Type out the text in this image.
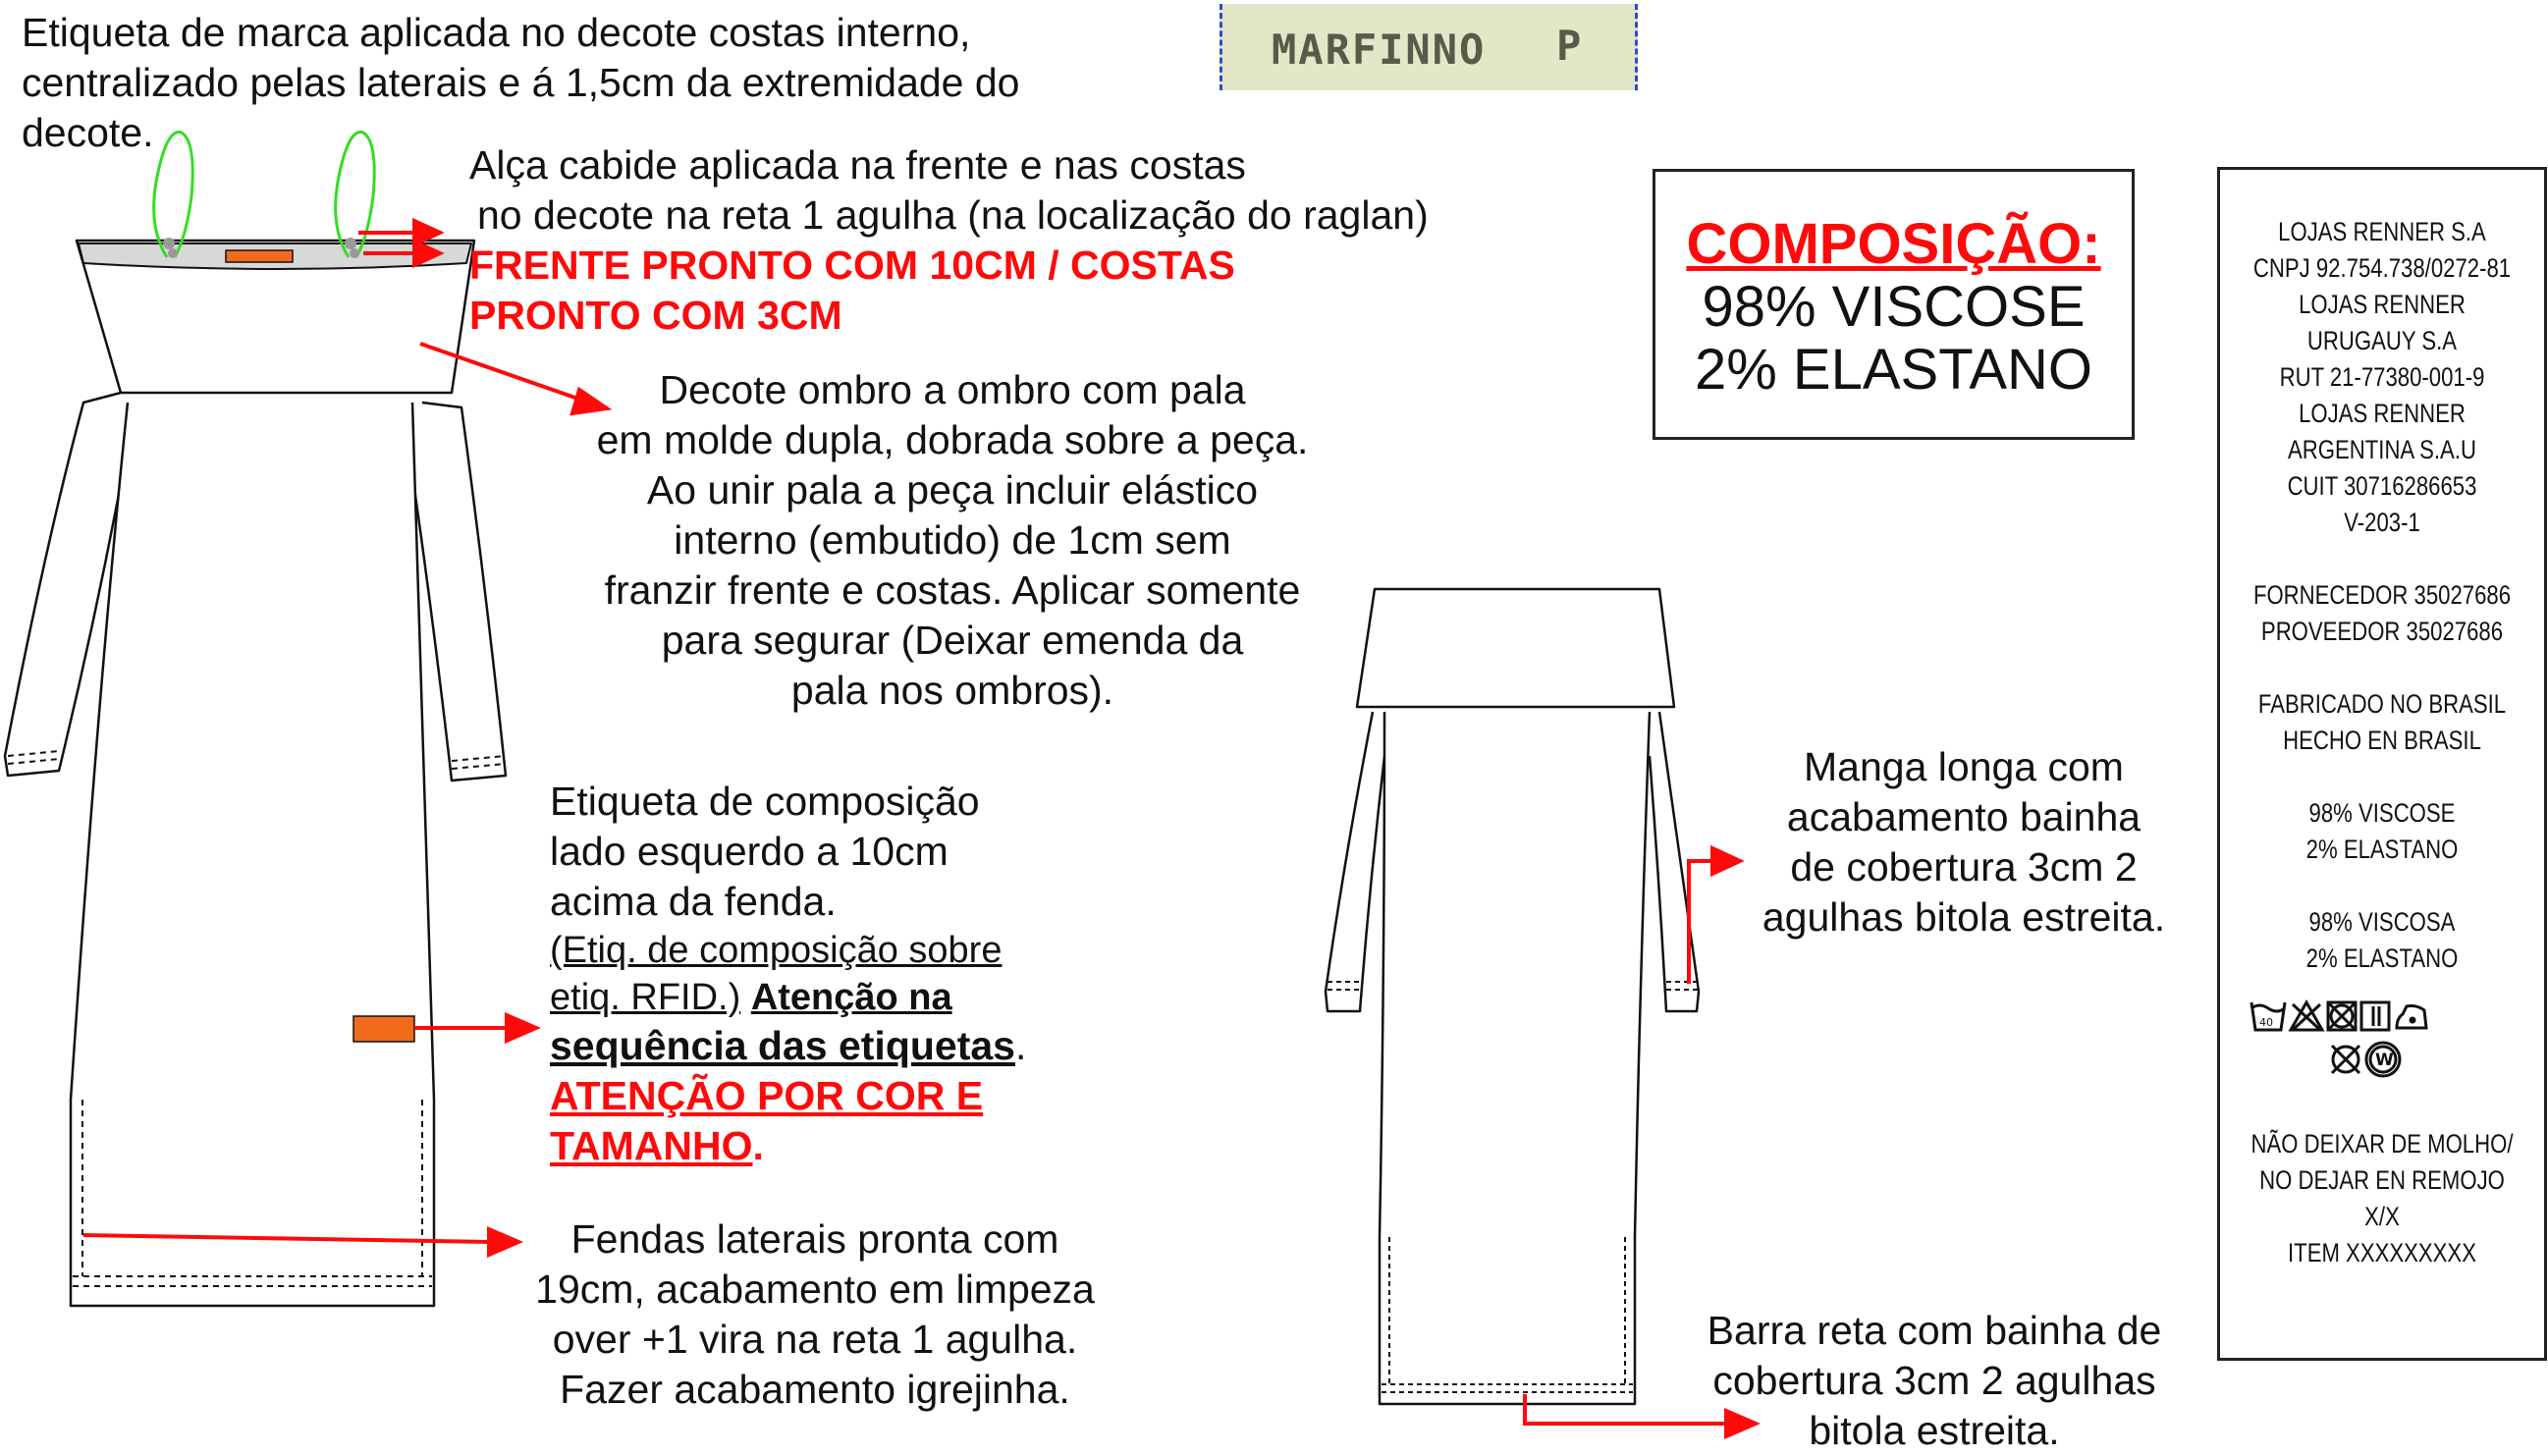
MARFINNO P
Etiqueta de marca aplicada no decote costas interno,
centralizado pelas laterais e á 1,5cm da extremidade do
decote.
Alça cabide aplicada na frente e nas costas
no decote na reta 1 agulha (na localização do raglan)
FRENTE PRONTO COM 10CM / COSTAS
PRONTO COM 3CM
Decote ombro a ombro com pala
em molde dupla, dobrada sobre a peça.
Ao unir pala a peça incluir elástico
interno (embutido) de 1cm sem
franzir frente e costas. Aplicar somente
para segurar (Deixar emenda da
pala nos ombros).
Etiqueta de composição
lado esquerdo a 10cm
acima da fenda.
(Etiq. de composição sobre
etiq. RFID.) Atenção na
sequência das etiquetas.
ATENÇÃO POR COR E
TAMANHO.
Fendas laterais pronta com
19cm, acabamento em limpeza
over +1 vira na reta 1 agulha.
Fazer acabamento igrejinha.
Manga longa com
acabamento bainha
de cobertura 3cm 2
agulhas bitola estreita.
Barra reta com bainha de
cobertura 3cm 2 agulhas
bitola estreita.
COMPOSIÇÃO:
98% VISCOSE
2% ELASTANO
LOJAS RENNER S.A
CNPJ 92.754.738/0272-81
LOJAS RENNER
URUGAUY S.A
RUT 21-77380-001-9
LOJAS RENNER
ARGENTINA S.A.U
CUIT 30716286653
V-203-1
FORNECEDOR 35027686
PROVEEDOR 35027686
FABRICADO NO BRASIL
HECHO EN BRASIL
98% VISCOSE
2% ELASTANO
98% VISCOSA
2% ELASTANO
40
W
NÃO DEIXAR DE MOLHO/
NO DEJAR EN REMOJO
X/X
ITEM XXXXXXXXX
